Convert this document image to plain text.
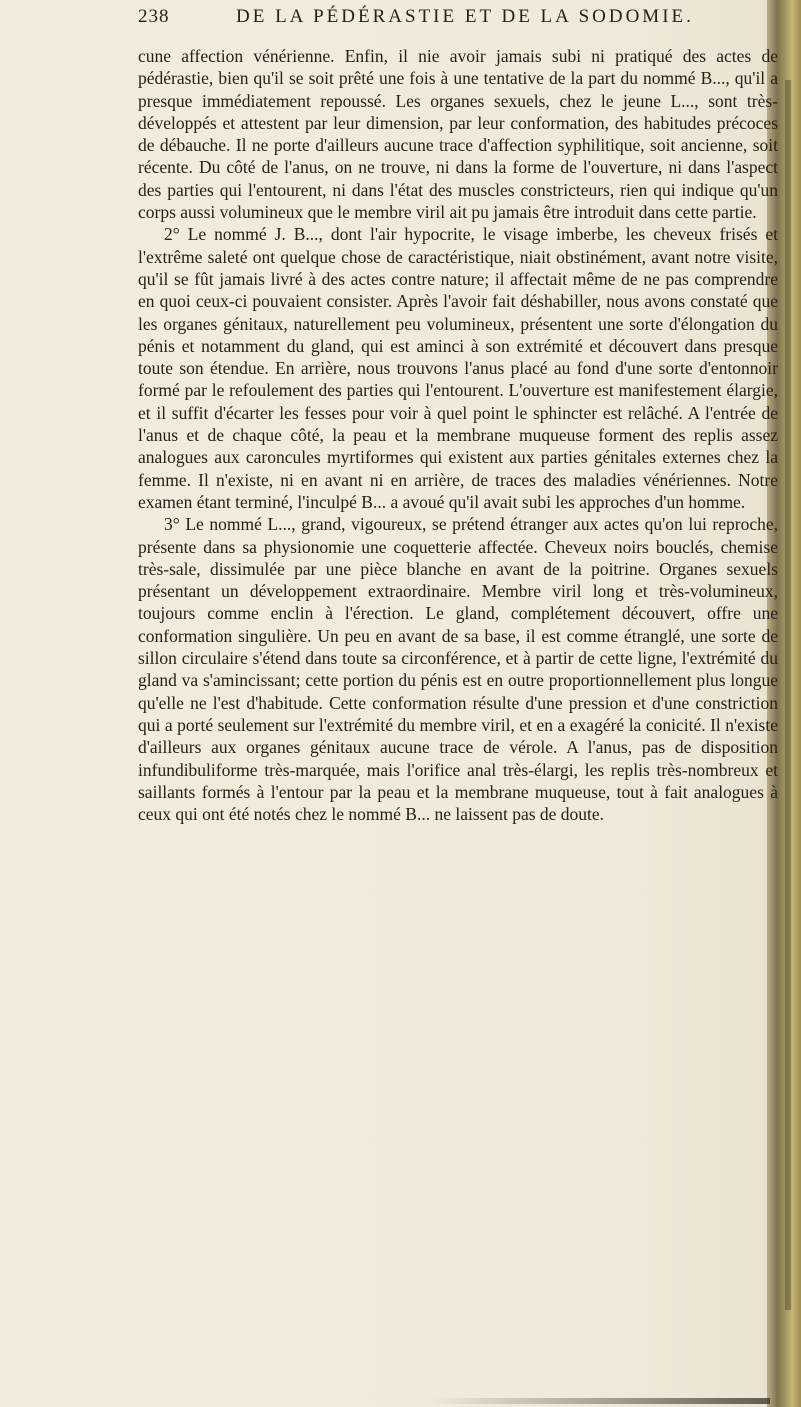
238	DE LA PÉDÉRASTIE ET DE LA SODOMIE.

cune affection vénérienne. Enfin, il nie avoir jamais subi ni pratiqué des actes de pédérastie, bien qu'il se soit prêté une fois à une tentative de la part du nommé B..., qu'il a presque immédiatement repoussé. Les organes sexuels, chez le jeune L..., sont très-développés et attestent par leur dimension, par leur conformation, des habitudes précoces de débauche. Il ne porte d'ailleurs aucune trace d'affection syphilitique, soit ancienne, soit récente. Du côté de l'anus, on ne trouve, ni dans la forme de l'ouverture, ni dans l'aspect des parties qui l'entourent, ni dans l'état des muscles constricteurs, rien qui indique qu'un corps aussi volumineux que le membre viril ait pu jamais être introduit dans cette partie.

2° Le nommé J. B..., dont l'air hypocrite, le visage imberbe, les cheveux frisés et l'extrême saleté ont quelque chose de caractéristique, niait obstinément, avant notre visite, qu'il se fût jamais livré à des actes contre nature; il affectait même de ne pas comprendre en quoi ceux-ci pouvaient consister. Après l'avoir fait déshabiller, nous avons constaté que les organes génitaux, naturellement peu volumineux, présentent une sorte d'élongation du pénis et notamment du gland, qui est aminci à son extrémité et découvert dans presque toute son étendue. En arrière, nous trouvons l'anus placé au fond d'une sorte d'entonnoir formé par le refoulement des parties qui l'entourent. L'ouverture est manifestement élargie, et il suffit d'écarter les fesses pour voir à quel point le sphincter est relâché. A l'entrée de l'anus et de chaque côté, la peau et la membrane muqueuse forment des replis assez analogues aux caroncules myrtiformes qui existent aux parties génitales externes chez la femme. Il n'existe, ni en avant ni en arrière, de traces des maladies vénériennes. Notre examen étant terminé, l'inculpé B... a avoué qu'il avait subi les approches d'un homme.

3° Le nommé L..., grand, vigoureux, se prétend étranger aux actes qu'on lui reproche, présente dans sa physionomie une coquetterie affectée. Cheveux noirs bouclés, chemise très-sale, dissimulée par une pièce blanche en avant de la poitrine. Organes sexuels présentant un développement extraordinaire. Membre viril long et très-volumineux, toujours comme enclin à l'érection. Le gland, complétement découvert, offre une conformation singulière. Un peu en avant de sa base, il est comme étranglé, une sorte de sillon circulaire s'étend dans toute sa circonférence, et à partir de cette ligne, l'extrémité du gland va s'amincissant; cette portion du pénis est en outre proportionnellement plus longue qu'elle ne l'est d'habitude. Cette conformation résulte d'une pression et d'une constriction qui a porté seulement sur l'extrémité du membre viril, et en a exagéré la conicité. Il n'existe d'ailleurs aux organes génitaux aucune trace de vérole. A l'anus, pas de disposition infundibuliforme très-marquée, mais l'orifice anal très-élargi, les replis très-nombreux et saillants formés à l'entour par la peau et la membrane muqueuse, tout à fait analogues à ceux qui ont été notés chez le nommé B... ne laissent pas de doute.
